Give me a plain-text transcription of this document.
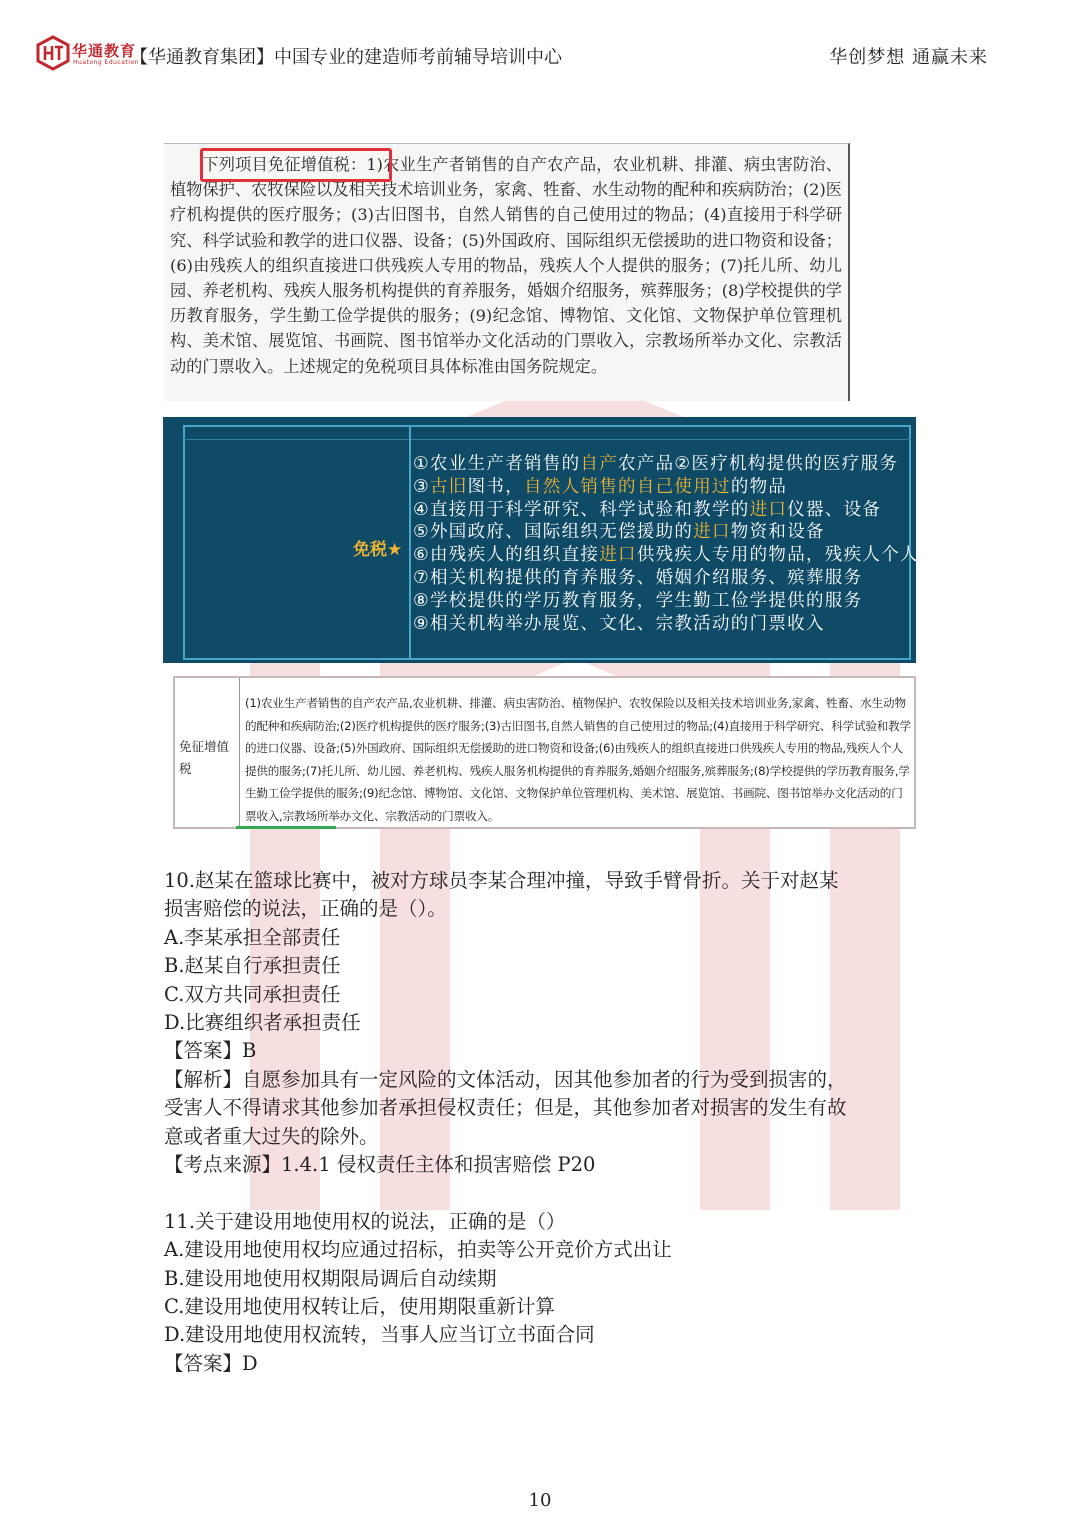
华通教育
Huatong Education
【华通教育集团】中国专业的建造师考前辅导培训中心	华创梦想 通赢未来
下列项目免征增值税：1)农业生产者销售的自产农产品，农业机耕、排灌、病虫害防治、植物保护、农牧保险以及相关技术培训业务，家禽、牲畜、水生动物的配种和疾病防治；(2)医疗机构提供的医疗服务；(3)古旧图书，自然人销售的自己使用过的物品；(4)直接用于科学研究、科学试验和教学的进口仪器、设备；(5)外国政府、国际组织无偿援助的进口物资和设备；(6)由残疾人的组织直接进口供残疾人专用的物品，残疾人个人提供的服务；(7)托儿所、幼儿园、养老机构、残疾人服务机构提供的育养服务，婚姻介绍服务，殡葬服务；(8)学校提供的学历教育服务，学生勤工俭学提供的服务；(9)纪念馆、博物馆、文化馆、文物保护单位管理机构、美术馆、展览馆、书画院、图书馆举办文化活动的门票收入，宗教场所举办文化、宗教活动的门票收入。上述规定的免税项目具体标准由国务院规定。
免税★
①农业生产者销售的自产农产品②医疗机构提供的医疗服务
③古旧图书，自然人销售的自己使用过的物品
④直接用于科学研究、科学试验和教学的进口仪器、设备
⑤外国政府、国际组织无偿援助的进口物资和设备
⑥由残疾人的组织直接进口供残疾人专用的物品，残疾人个人提供的服务
⑦相关机构提供的育养服务、婚姻介绍服务、殡葬服务
⑧学校提供的学历教育服务，学生勤工俭学提供的服务
⑨相关机构举办展览、文化、宗教活动的门票收入
免征增值税
(1)农业生产者销售的自产农产品,农业机耕、排灌、病虫害防治、植物保护、农牧保险以及相关技术培训业务,家禽、牲畜、水生动物的配种和疾病防治;(2)医疗机构提供的医疗服务;(3)古旧图书,自然人销售的自己使用过的物品;(4)直接用于科学研究、科学试验和教学的进口仪器、设备;(5)外国政府、国际组织无偿援助的进口物资和设备;(6)由残疾人的组织直接进口供残疾人专用的物品,残疾人个人提供的服务;(7)托儿所、幼儿园、养老机构、残疾人服务机构提供的育养服务,婚姻介绍服务,殡葬服务;(8)学校提供的学历教育服务,学生勤工俭学提供的服务;(9)纪念馆、博物馆、文化馆、文物保护单位管理机构、美术馆、展览馆、书画院、图书馆举办文化活动的门票收入,宗教场所举办文化、宗教活动的门票收入。
10.赵某在篮球比赛中，被对方球员李某合理冲撞，导致手臂骨折。关于对赵某
损害赔偿的说法，正确的是（）。
A.李某承担全部责任
B.赵某自行承担责任
C.双方共同承担责任
D.比赛组织者承担责任
【答案】B
【解析】自愿参加具有一定风险的文体活动，因其他参加者的行为受到损害的，
受害人不得请求其他参加者承担侵权责任；但是，其他参加者对损害的发生有故
意或者重大过失的除外。
【考点来源】1.4.1 侵权责任主体和损害赔偿 P20
11.关于建设用地使用权的说法，正确的是（）
A.建设用地使用权均应通过招标，拍卖等公开竞价方式出让
B.建设用地使用权期限局调后自动续期
C.建设用地使用权转让后，使用期限重新计算
D.建设用地使用权流转，当事人应当订立书面合同
【答案】D
10
